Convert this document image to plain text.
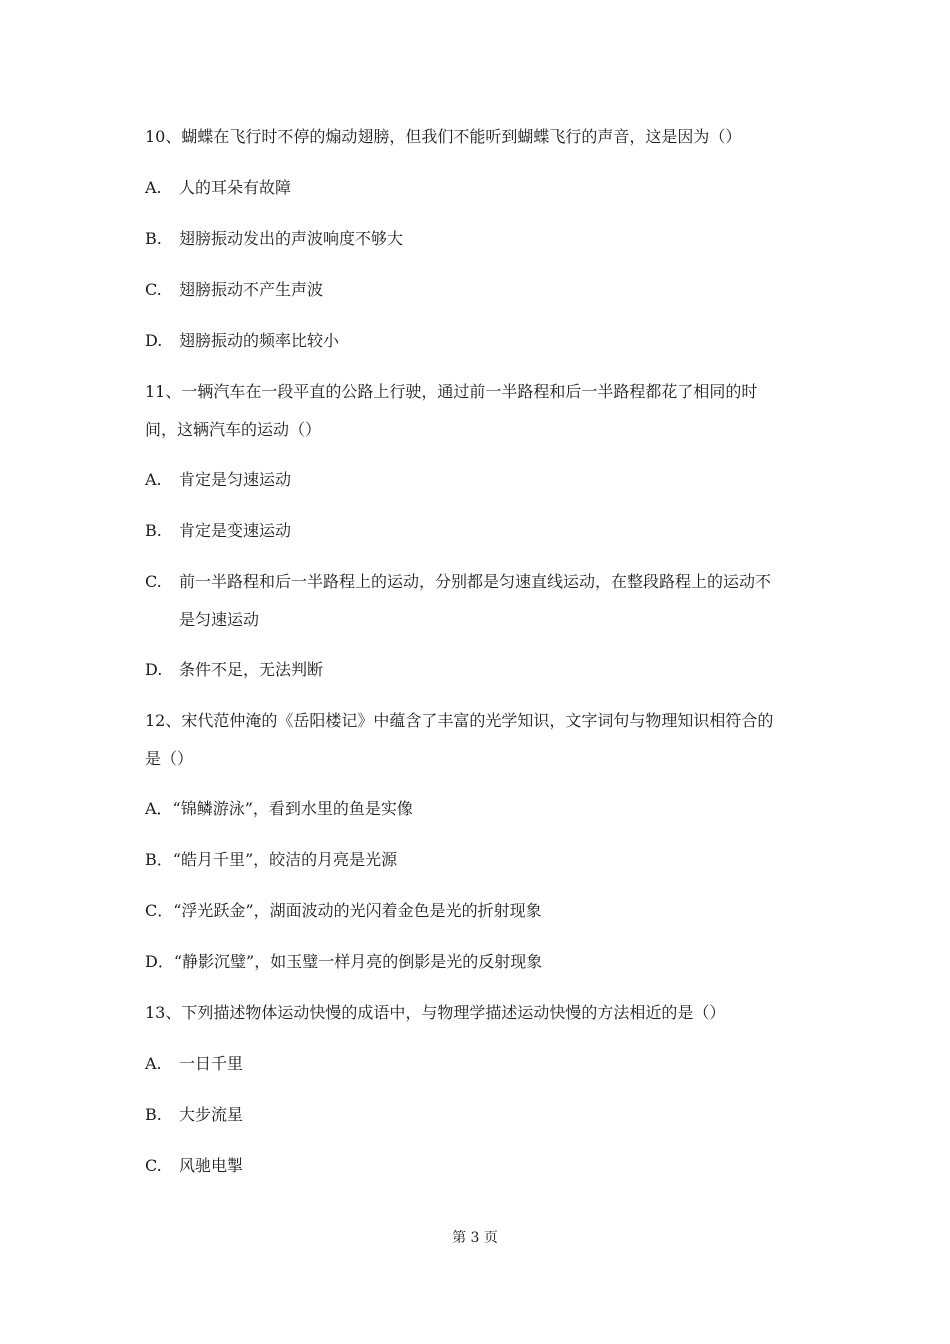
10、蝴蝶在飞行时不停的煽动翅膀，但我们不能听到蝴蝶飞行的声音，这是因为（）
A. 人的耳朵有故障
B. 翅膀振动发出的声波响度不够大
C. 翅膀振动不产生声波
D. 翅膀振动的频率比较小
11、一辆汽车在一段平直的公路上行驶，通过前一半路程和后一半路程都花了相同的时
间，这辆汽车的运动（）
A. 肯定是匀速运动
B. 肯定是变速运动
C. 前一半路程和后一半路程上的运动，分别都是匀速直线运动，在整段路程上的运动不
是匀速运动
D. 条件不足，无法判断
12、宋代范仲淹的《岳阳楼记》中蕴含了丰富的光学知识，文字词句与物理知识相符合的
是（）
A．“锦鳞游泳”，看到水里的鱼是实像
B．“皓月千里”，皎洁的月亮是光源
C．“浮光跃金”，湖面波动的光闪着金色是光的折射现象
D．“静影沉璧”，如玉璧一样月亮的倒影是光的反射现象
13、下列描述物体运动快慢的成语中，与物理学描述运动快慢的方法相近的是（）
A. 一日千里
B. 大步流星
C. 风驰电掣
第 3 页
